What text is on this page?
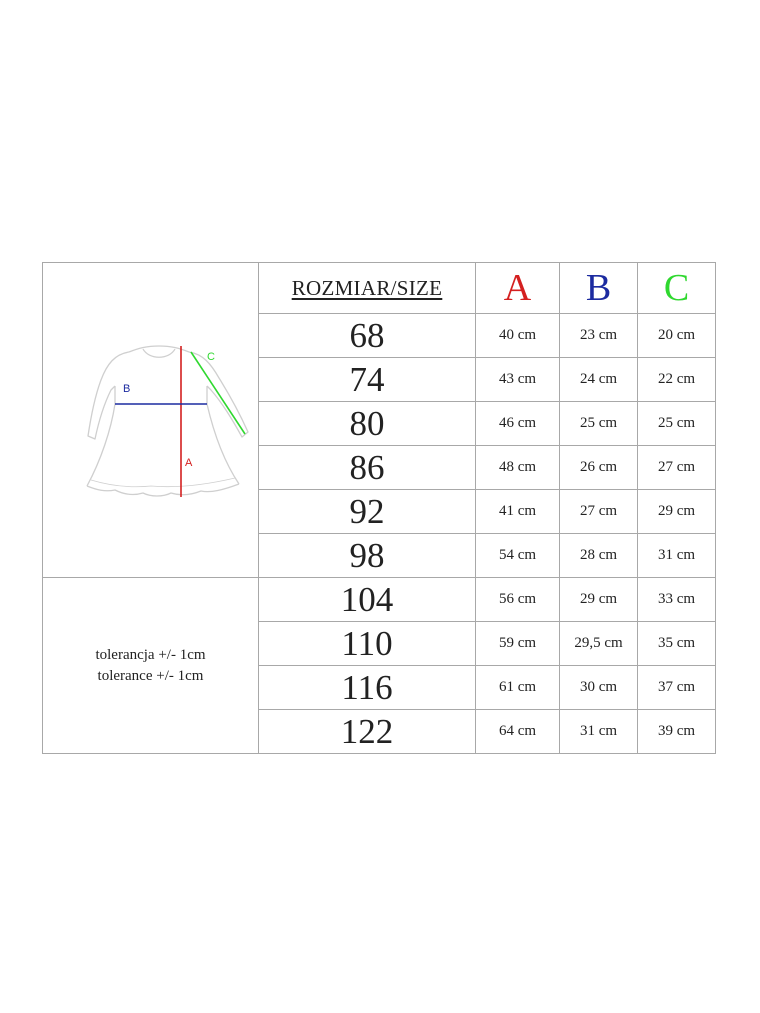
A
B
C	ROZMIAR/SIZE	A	B	C
	68	40 cm	23 cm	20 cm
	74	43 cm	24 cm	22 cm
	80	46 cm	25 cm	25 cm
	86	48 cm	26 cm	27 cm
	92	41 cm	27 cm	29 cm
	98	54 cm	28 cm	31 cm

tolerancja +/- 1cm
tolerance +/- 1cm	104	56 cm	29 cm	33 cm
	110	59 cm	29,5 cm	35 cm
	116	61 cm	30 cm	37 cm
	122	64 cm	31 cm	39 cm
